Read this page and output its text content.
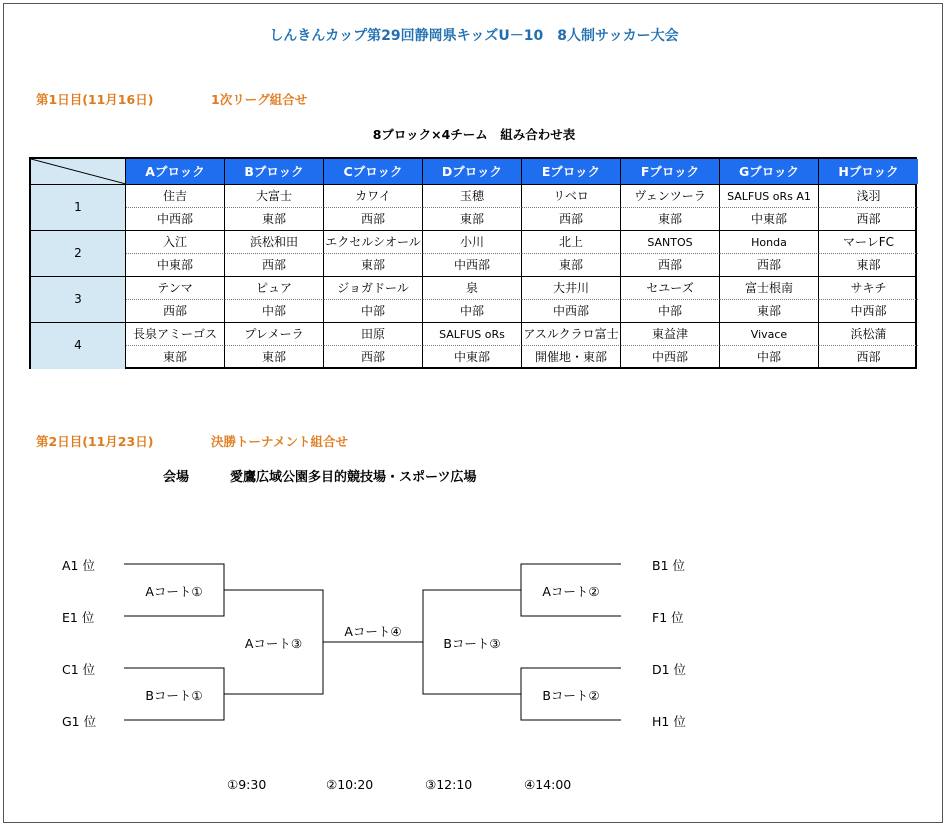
しんきんカップ第29回静岡県キッズU－10　8人制サッカー大会
第1日目(11月16日)	1次リーグ組合せ
8ブロック×4チーム　組み合わせ表
Aブロック	Bブロック	Cブロック	Dブロック	Eブロック	Fブロック	Gブロック	Hブロック
1
住吉	大富士	カワイ	玉穂	リベロ	ヴェンツーラ	SALFUS oRs A1	浅羽
中西部	東部	西部	東部	西部	東部	中東部	西部
2
入江	浜松和田	エクセルシオール	小川	北上	SANTOS	Honda	マーレFC
中東部	西部	東部	中西部	東部	西部	西部	東部
3
テンマ	ピュア	ジョガドール	泉	大井川	セユーズ	富士根南	サキチ
西部	中部	中部	中部	中西部	中部	東部	中西部
4
長泉アミーゴス	プレメーラ	田原	SALFUS oRs	アスルクラロ富士	東益津	Vivace	浜松蒲
東部	東部	西部	中東部	開催地・東部	中西部	中部	西部
第2日目(11月23日)	決勝トーナメント組合せ
会場	愛鷹広域公園多目的競技場・スポーツ広場
A1 位
E1 位
C1 位
G1 位
B1 位
F1 位
D1 位
H1 位
Aコート①
Bコート①
Aコート③
Aコート④
Bコート③
Aコート②
Bコート②
①9:30	②10:20	③12:10	④14:00
